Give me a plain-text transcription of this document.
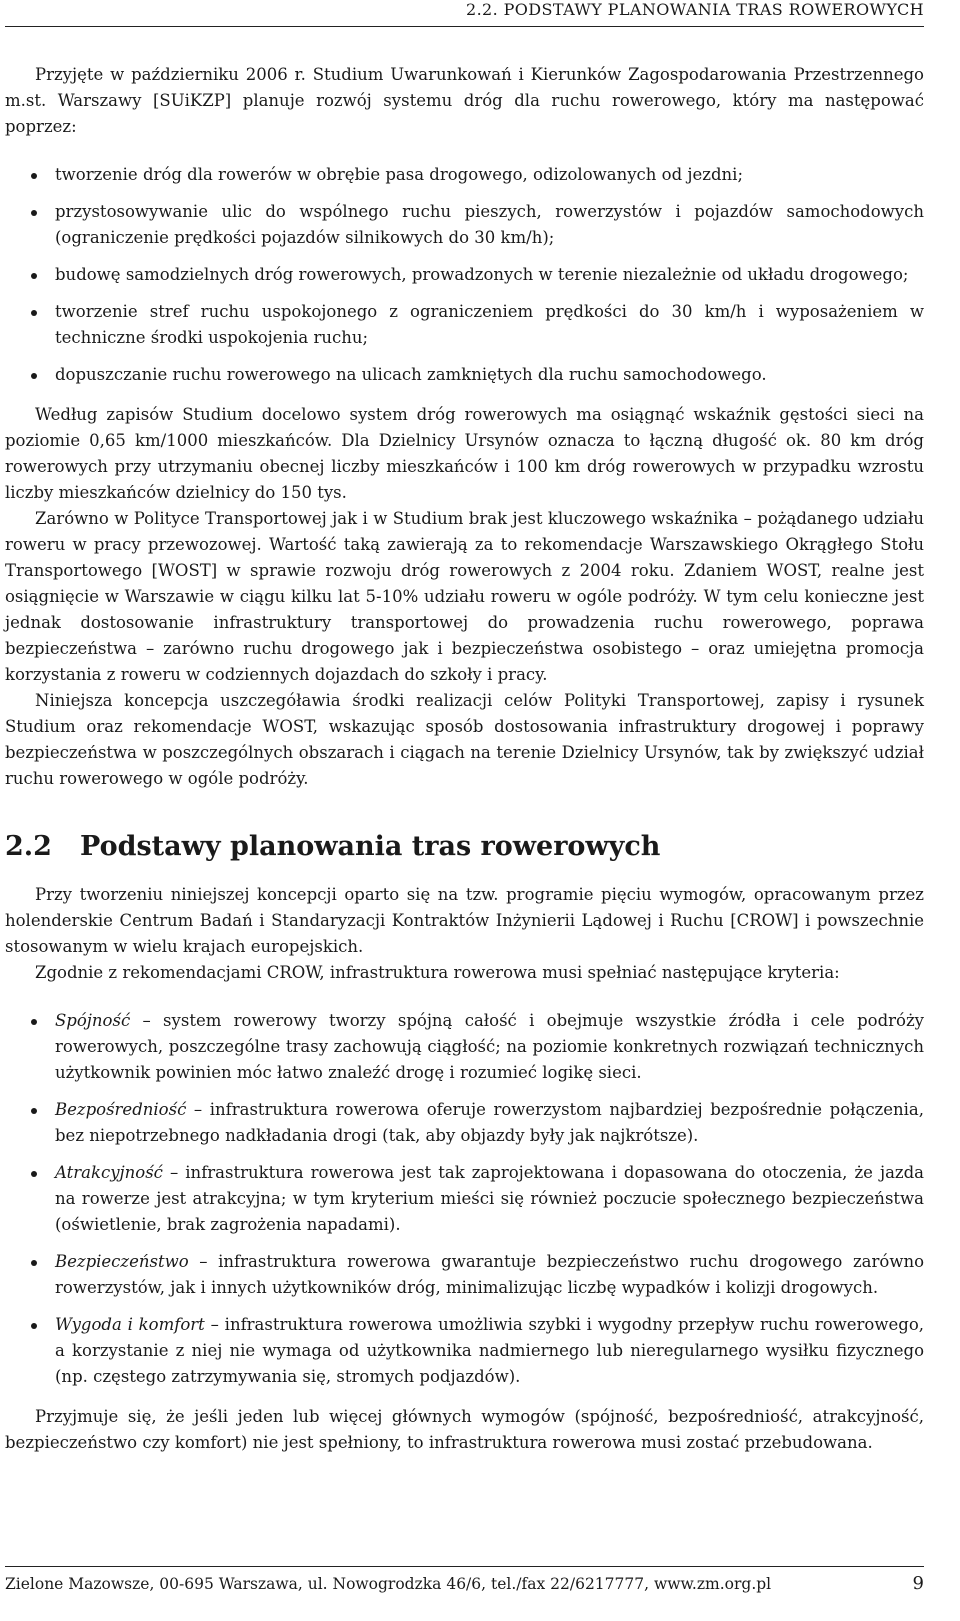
2.2. PODSTAWY PLANOWANIA TRAS ROWEROWYCH

Przyjęte w październiku 2006 r. Studium Uwarunkowań i Kierunków Zagospodarowania Przestrzennego m.st. Warszawy [SUiKZP] planuje rozwój systemu dróg dla ruchu rowerowego, który ma następować poprzez:

tworzenie dróg dla rowerów w obrębie pasa drogowego, odizolowanych od jezdni;
przystosowywanie ulic do wspólnego ruchu pieszych, rowerzystów i pojazdów samochodowych (ograniczenie prędkości pojazdów silnikowych do 30 km/h);
budowę samodzielnych dróg rowerowych, prowadzonych w terenie niezależnie od układu drogowego;
tworzenie stref ruchu uspokojonego z ograniczeniem prędkości do 30 km/h i wyposażeniem w techniczne środki uspokojenia ruchu;
dopuszczanie ruchu rowerowego na ulicach zamkniętych dla ruchu samochodowego.

Według zapisów Studium docelowo system dróg rowerowych ma osiągnąć wskaźnik gęstości sieci na poziomie 0,65 km/1000 mieszkańców. Dla Dzielnicy Ursynów oznacza to łączną długość ok. 80 km dróg rowerowych przy utrzymaniu obecnej liczby mieszkańców i 100 km dróg rowerowych w przypadku wzrostu liczby mieszkańców dzielnicy do 150 tys.

Zarówno w Polityce Transportowej jak i w Studium brak jest kluczowego wskaźnika – pożądanego udziału roweru w pracy przewozowej. Wartość taką zawierają za to rekomendacje Warszawskiego Okrągłego Stołu Transportowego [WOST] w sprawie rozwoju dróg rowerowych z 2004 roku. Zdaniem WOST, realne jest osiągnięcie w Warszawie w ciągu kilku lat 5-10% udziału roweru w ogóle podróży. W tym celu konieczne jest jednak dostosowanie infrastruktury transportowej do prowadzenia ruchu rowerowego, poprawa bezpieczeństwa – zarówno ruchu drogowego jak i bezpieczeństwa osobistego – oraz umiejętna promocja korzystania z roweru w codziennych dojazdach do szkoły i pracy.

Niniejsza koncepcja uszczegóławia środki realizacji celów Polityki Transportowej, zapisy i rysunek Studium oraz rekomendacje WOST, wskazując sposób dostosowania infrastruktury drogowej i poprawy bezpieczeństwa w poszczególnych obszarach i ciągach na terenie Dzielnicy Ursynów, tak by zwiększyć udział ruchu rowerowego w ogóle podróży.

2.2	Podstawy planowania tras rowerowych

Przy tworzeniu niniejszej koncepcji oparto się na tzw. programie pięciu wymogów, opracowanym przez holenderskie Centrum Badań i Standaryzacji Kontraktów Inżynierii Lądowej i Ruchu [CROW] i powszechnie stosowanym w wielu krajach europejskich.

Zgodnie z rekomendacjami CROW, infrastruktura rowerowa musi spełniać następujące kryteria:

Spójność – system rowerowy tworzy spójną całość i obejmuje wszystkie źródła i cele podróży rowerowych, poszczególne trasy zachowują ciągłość; na poziomie konkretnych rozwiązań technicznych użytkownik powinien móc łatwo znaleźć drogę i rozumieć logikę sieci.
Bezpośredniość – infrastruktura rowerowa oferuje rowerzystom najbardziej bezpośrednie połączenia, bez niepotrzebnego nadkładania drogi (tak, aby objazdy były jak najkrótsze).
Atrakcyjność – infrastruktura rowerowa jest tak zaprojektowana i dopasowana do otoczenia, że jazda na rowerze jest atrakcyjna; w tym kryterium mieści się również poczucie społecznego bezpieczeństwa (oświetlenie, brak zagrożenia napadami).
Bezpieczeństwo – infrastruktura rowerowa gwarantuje bezpieczeństwo ruchu drogowego zarówno rowerzystów, jak i innych użytkowników dróg, minimalizując liczbę wypadków i kolizji drogowych.
Wygoda i komfort – infrastruktura rowerowa umożliwia szybki i wygodny przepływ ruchu rowerowego, a korzystanie z niej nie wymaga od użytkownika nadmiernego lub nieregularnego wysiłku fizycznego (np. częstego zatrzymywania się, stromych podjazdów).

Przyjmuje się, że jeśli jeden lub więcej głównych wymogów (spójność, bezpośredniość, atrakcyjność, bezpieczeństwo czy komfort) nie jest spełniony, to infrastruktura rowerowa musi zostać przebudowana.

Zielone Mazowsze, 00-695 Warszawa, ul. Nowogrodzka 46/6, tel./fax 22/6217777, www.zm.org.pl	9
